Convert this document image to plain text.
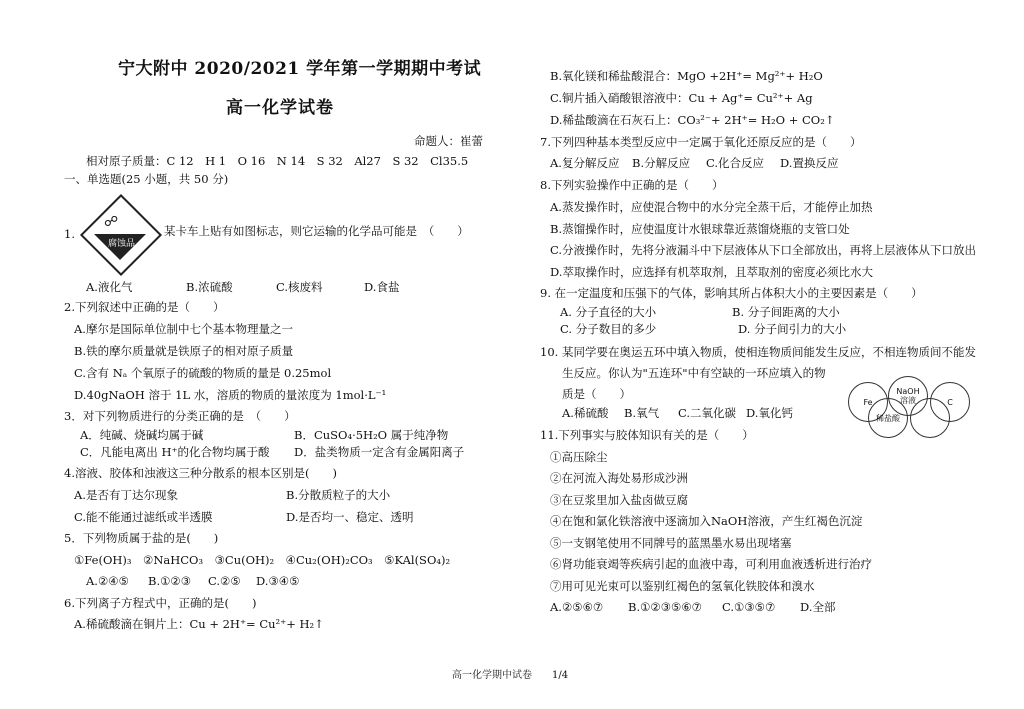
宁大附中 2020/2021 学年第一学期期中考试
高一化学试卷
命题人：崔蕾
相对原子质量：C 12　H 1　O 16　N 14　S 32　Al27　S 32　Cl35.5
一、单选题(25 小题，共 50 分)
1.
☍
腐蚀品
某卡车上贴有如图标志，则它运输的化学品可能是　（　　）
A.液化气	B.浓硫酸	C.核废料	D.食盐
2.下列叙述中正确的是（　　）
A.摩尔是国际单位制中七个基本物理量之一
B.铁的摩尔质量就是铁原子的相对原子质量
C.含有 Nₐ 个氧原子的硫酸的物质的量是 0.25mol
D.40gNaOH 溶于 1L 水，溶质的物质的量浓度为 1mol·L⁻¹
3．对下列物质进行的分类正确的是　（　　）
A．纯碱、烧碱均属于碱	B．CuSO₄·5H₂O 属于纯净物
C．凡能电离出 H⁺的化合物均属于酸 D．盐类物质一定含有金属阳离子
4.溶液、胶体和浊液这三种分散系的根本区别是(　　)
A.是否有丁达尔现象	B.分散质粒子的大小
C.能不能通过滤纸或半透膜	D.是否均一、稳定、透明
5．下列物质属于盐的是(　　)
①Fe(OH)₃　②NaHCO₃　③Cu(OH)₂　④Cu₂(OH)₂CO₃　⑤KAl(SO₄)₂
A.②④⑤ B.①②③ C.②⑤ D.③④⑤
6.下列离子方程式中，正确的是(　　)
A.稀硫酸滴在铜片上：Cu + 2H⁺= Cu²⁺+ H₂↑
B.氧化镁和稀盐酸混合：MgO +2H⁺= Mg²⁺+ H₂O
C.铜片插入硝酸银溶液中：Cu + Ag⁺= Cu²⁺+ Ag
D.稀盐酸滴在石灰石上：CO₃²⁻+ 2H⁺= H₂O + CO₂↑
7.下列四种基本类型反应中一定属于氧化还原反应的是（　　）
A.复分解反应 B.分解反应 C.化合反应 D.置换反应
8.下列实验操作中正确的是（　　）
A.蒸发操作时，应使混合物中的水分完全蒸干后，才能停止加热
B.蒸馏操作时，应使温度计水银球靠近蒸馏烧瓶的支管口处
C.分液操作时，先将分液漏斗中下层液体从下口全部放出，再将上层液体从下口放出
D.萃取操作时，应选择有机萃取剂，且萃取剂的密度必须比水大
9. 在一定温度和压强下的气体，影响其所占体积大小的主要因素是（　　）
A. 分子直径的大小	B. 分子间距离的大小
C. 分子数目的多少	D. 分子间引力的大小
10. 某同学要在奥运五环中填入物质，使相连物质间能发生反应，不相连物质间不能发
生反应。你认为"五连环"中有空缺的一环应填入的物
质是（　　）
A.稀硫酸 B.氧气 C.二氧化碳 D.氧化钙
Fe
NaOH
溶液	C
稀盐酸
11.下列事实与胶体知识有关的是（　　）
①高压除尘
②在河流入海处易形成沙洲
③在豆浆里加入盐卤做豆腐
④在饱和氯化铁溶液中逐滴加入NaOH溶液，产生红褐色沉淀
⑤一支钢笔使用不同牌号的蓝黑墨水易出现堵塞
⑥肾功能衰竭等疾病引起的血液中毒，可利用血液透析进行治疗
⑦用可见光束可以鉴别红褐色的氢氧化铁胶体和溴水
A.②⑤⑥⑦ B.①②③⑤⑥⑦ C.①③⑤⑦ D.全部
高一化学期中试卷　　1/4
